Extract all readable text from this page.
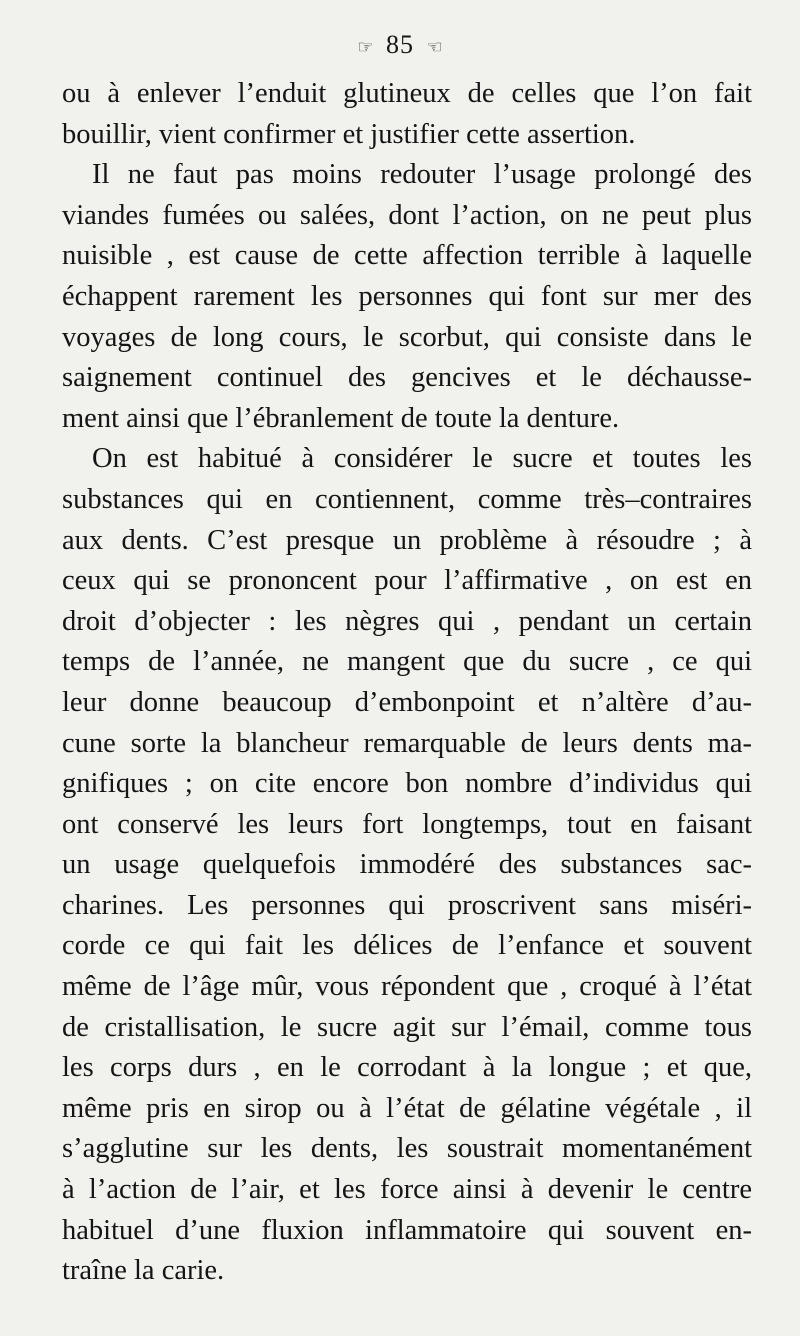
☞ 85 ☜
ou à enlever l’enduit glutineux de celles que l’on fait
bouillir, vient confirmer et justifier cette assertion.
Il ne faut pas moins redouter l’usage prolongé des
viandes fumées ou salées, dont l’action, on ne peut plus
nuisible , est cause de cette affection terrible à laquelle
échappent rarement les personnes qui font sur mer des
voyages de long cours, le scorbut, qui consiste dans le
saignement continuel des gencives et le déchausse-
ment ainsi que l’ébranlement de toute la denture.
On est habitué à considérer le sucre et toutes les
substances qui en contiennent, comme très–contraires
aux dents. C’est presque un problème à résoudre ; à
ceux qui se prononcent pour l’affirmative , on est en
droit d’objecter : les nègres qui , pendant un certain
temps de l’année, ne mangent que du sucre , ce qui
leur donne beaucoup d’embonpoint et n’altère d’au-
cune sorte la blancheur remarquable de leurs dents ma-
gnifiques ; on cite encore bon nombre d’individus qui
ont conservé les leurs fort longtemps, tout en faisant
un usage quelquefois immodéré des substances sac-
charines. Les personnes qui proscrivent sans miséri-
corde ce qui fait les délices de l’enfance et souvent
même de l’âge mûr, vous répondent que , croqué à l’état
de cristallisation, le sucre agit sur l’émail, comme tous
les corps durs , en le corrodant à la longue ; et que,
même pris en sirop ou à l’état de gélatine végétale , il
s’agglutine sur les dents, les soustrait momentanément
à l’action de l’air, et les force ainsi à devenir le centre
habituel d’une fluxion inflammatoire qui souvent en-
traîne la carie.
